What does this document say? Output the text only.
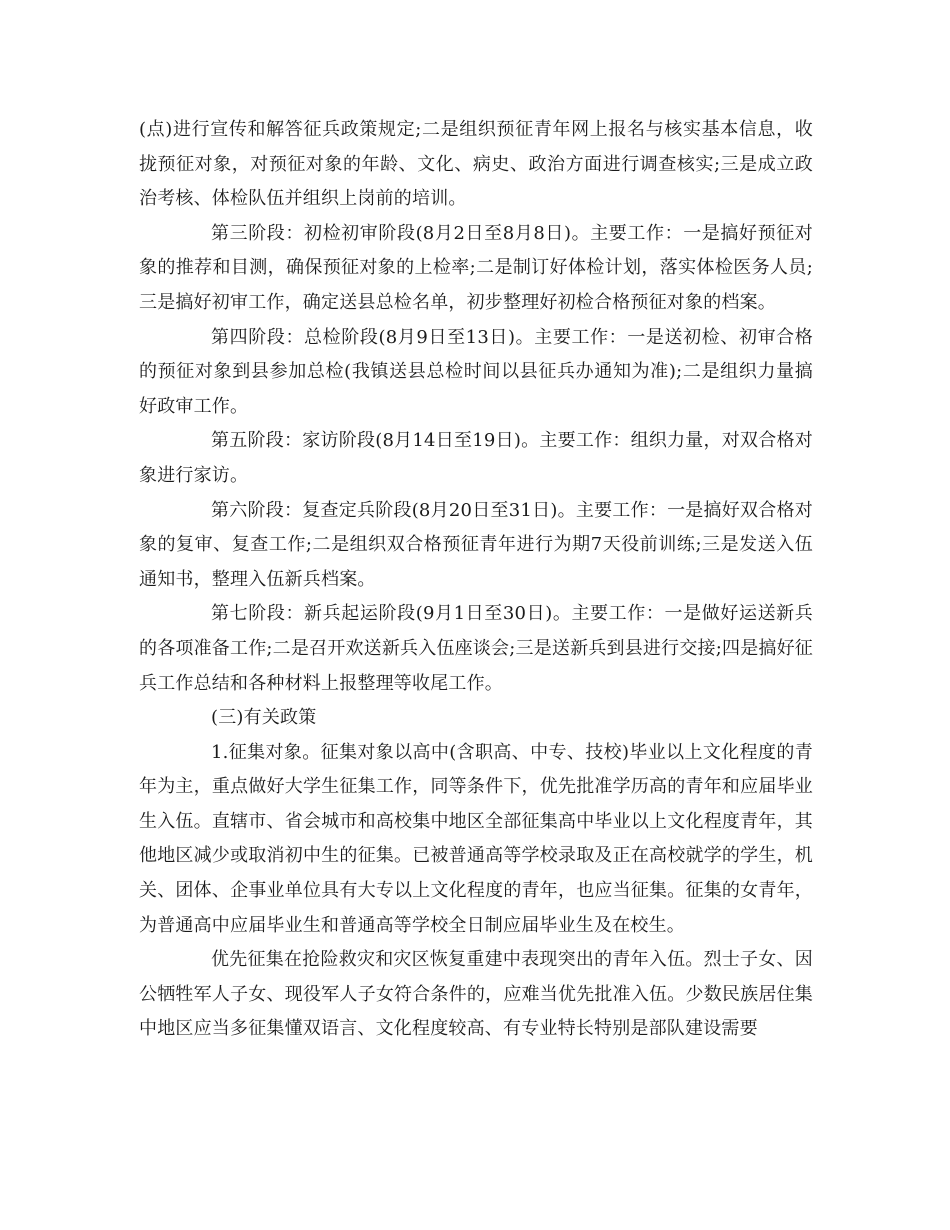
(点)进行宣传和解答征兵政策规定;二是组织预征青年网上报名与核实基本信息，收拢预征对象，对预征对象的年龄、文化、病史、政治方面进行调查核实;三是成立政治考核、体检队伍并组织上岗前的培训。

第三阶段：初检初审阶段(8月2日至8月8日)。主要工作：一是搞好预征对象的推荐和目测，确保预征对象的上检率;二是制订好体检计划，落实体检医务人员;三是搞好初审工作，确定送县总检名单，初步整理好初检合格预征对象的档案。

第四阶段：总检阶段(8月9日至13日)。主要工作：一是送初检、初审合格的预征对象到县参加总检(我镇送县总检时间以县征兵办通知为准);二是组织力量搞好政审工作。

第五阶段：家访阶段(8月14日至19日)。主要工作：组织力量，对双合格对象进行家访。

第六阶段：复查定兵阶段(8月20日至31日)。主要工作：一是搞好双合格对象的复审、复查工作;二是组织双合格预征青年进行为期7天役前训练;三是发送入伍通知书，整理入伍新兵档案。

第七阶段：新兵起运阶段(9月1日至30日)。主要工作：一是做好运送新兵的各项准备工作;二是召开欢送新兵入伍座谈会;三是送新兵到县进行交接;四是搞好征兵工作总结和各种材料上报整理等收尾工作。

(三)有关政策

1.征集对象。征集对象以高中(含职高、中专、技校)毕业以上文化程度的青年为主，重点做好大学生征集工作，同等条件下，优先批准学历高的青年和应届毕业生入伍。直辖市、省会城市和高校集中地区全部征集高中毕业以上文化程度青年，其他地区减少或取消初中生的征集。已被普通高等学校录取及正在高校就学的学生，机关、团体、企事业单位具有大专以上文化程度的青年，也应当征集。征集的女青年，为普通高中应届毕业生和普通高等学校全日制应届毕业生及在校生。

优先征集在抢险救灾和灾区恢复重建中表现突出的青年入伍。烈士子女、因公牺牲军人子女、现役军人子女符合条件的，应难当优先批准入伍。少数民族居住集中地区应当多征集懂双语言、文化程度较高、有专业特长特别是部队建设需要
